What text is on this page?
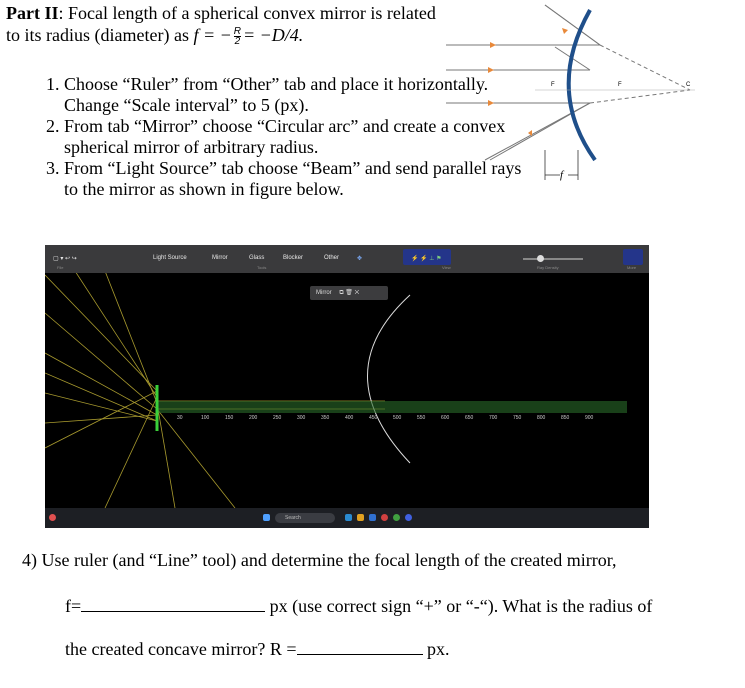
Part II: Focal length of a spherical convex mirror is related to its radius (diameter) as f = − $\frac{R}{2} = -D/4$.
F	F	C
f
1. Choose “Ruler” from “Other” tab and place it horizontally. Change “Scale interval” to 5 (px).
2. From tab “Mirror” choose “Circular arc” and create a convex spherical mirror of arbitrary radius.
3. From “Light Source” tab choose “Beam” and send parallel rays to the mirror as shown in figure below.
▢ ▾ ↩ ↪
File
Light Source	Mirror	Glass	Blocker	Other	✥
Tools
⚡ ⚡ ⊥ ⚑
View	Ray Density	More
30	100	150	200	250	300	350	400	450	500	550	600	650	700	750	800	850	900
Mirror ⧉ 🗑 ✕
Search
4) Use ruler (and “Line” tool) and determine the focal length of the created mirror,
f=	px (use correct sign “+” or “-“). What is the radius of
the created concave mirror? R =	px.
